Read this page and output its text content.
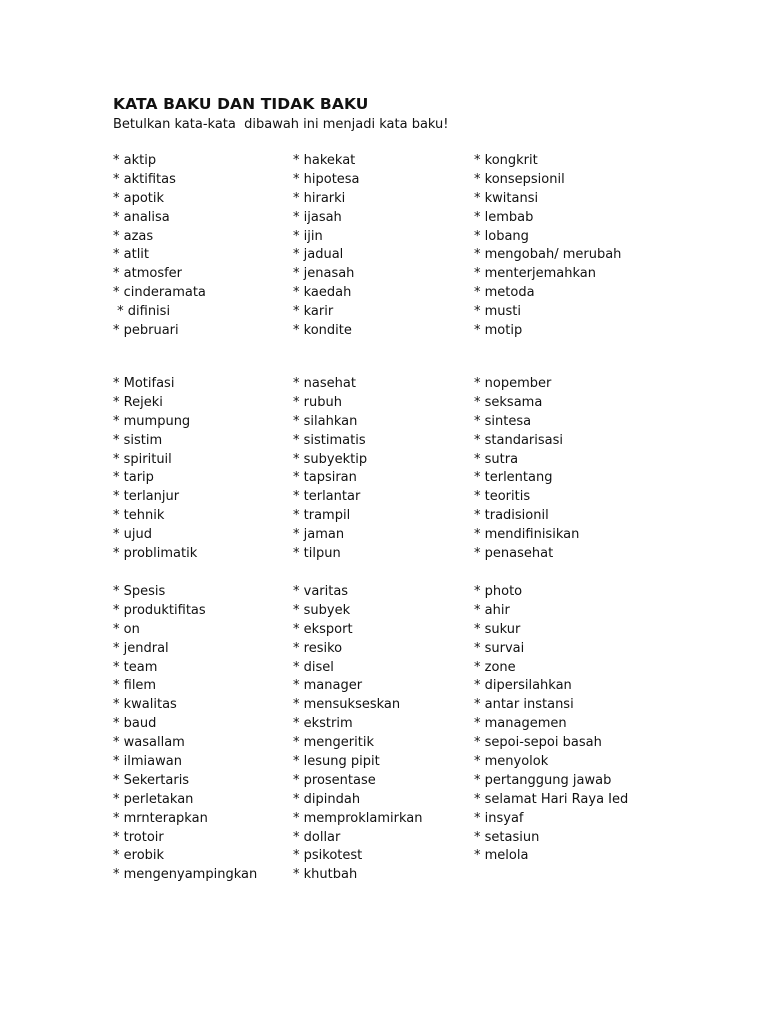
KATA BAKU DAN TIDAK BAKU
Betulkan kata-kata  dibawah ini menjadi kata baku!
* aktip
* aktifitas
* apotik
* analisa
* azas
* atlit
* atmosfer
* cinderamata
* difinisi
* pebruari
* hakekat
* hipotesa
* hirarki
* ijasah
* ijin
* jadual
* jenasah
* kaedah
* karir
* kondite
* kongkrit
* konsepsionil
* kwitansi
* lembab
* lobang
* mengobah/ merubah
* menterjemahkan
* metoda
* musti
* motip
* Motifasi
* Rejeki
* mumpung
* sistim
* spirituil
* tarip
* terlanjur
* tehnik
* ujud
* problimatik
* nasehat
* rubuh
* silahkan
* sistimatis
* subyektip
* tapsiran
* terlantar
* trampil
* jaman
* tilpun
* nopember
* seksama
* sintesa
* standarisasi
* sutra
* terlentang
* teoritis
* tradisionil
* mendifinisikan
* penasehat
* Spesis
* produktifitas
* on
* jendral
* team
* filem
* kwalitas
* baud
* wasallam
* ilmiawan
* Sekertaris
* perletakan
* mrnterapkan
* trotoir
* erobik
* mengenyampingkan
* varitas
* subyek
* eksport
* resiko
* disel
* manager
* mensukseskan
* ekstrim
* mengeritik
* lesung pipit
* prosentase
* dipindah
* memproklamirkan
* dollar
* psikotest
* khutbah
* photo
* ahir
* sukur
* survai
* zone
* dipersilahkan
* antar instansi
* managemen
* sepoi-sepoi basah
* menyolok
* pertanggung jawab
* selamat Hari Raya Ied
* insyaf
* setasiun
* melola
